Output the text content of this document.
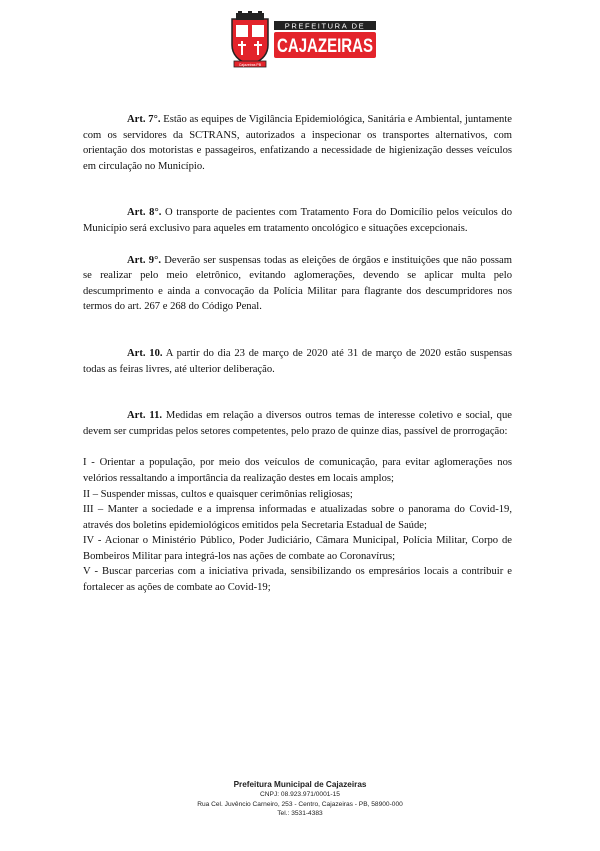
Cajazeiras PB
PREFEITURA DE
CAJAZEIRAS

Art. 7°. Estão as equipes de Vigilância Epidemiológica, Sanitária e Ambiental, juntamente com os servidores da SCTRANS, autorizados a inspecionar os transportes alternativos, com orientação dos motoristas e passageiros, enfatizando a necessidade de higienização desses veículos em circulação no Município.

Art. 8°. O transporte de pacientes com Tratamento Fora do Domicílio pelos veículos do Município será exclusivo para aqueles em tratamento oncológico e situações excepcionais.

Art. 9°. Deverão ser suspensas todas as eleições de órgãos e instituições que não possam se realizar pelo meio eletrônico, evitando aglomerações, devendo se aplicar multa pelo descumprimento e ainda a convocação da Polícia Militar para flagrante dos descumpridores nos termos do art. 267 e 268 do Código Penal.

Art. 10. A partir do dia 23 de março de 2020 até 31 de março de 2020 estão suspensas todas as feiras livres, até ulterior deliberação.

Art. 11. Medidas em relação a diversos outros temas de interesse coletivo e social, que devem ser cumpridas pelos setores competentes, pelo prazo de quinze dias, passível de prorrogação:

I - Orientar a população, por meio dos veículos de comunicação, para evitar aglomerações nos velórios ressaltando a importância da realização destes em locais amplos;

II – Suspender missas, cultos e quaisquer cerimônias religiosas;

III – Manter a sociedade e a imprensa informadas e atualizadas sobre o panorama do Covid-19, através dos boletins epidemiológicos emitidos pela Secretaria Estadual de Saúde;

IV - Acionar o Ministério Público, Poder Judiciário, Câmara Municipal, Polícia Militar, Corpo de Bombeiros Militar para integrá-los nas ações de combate ao Coronavírus;

V - Buscar parcerias com a iniciativa privada, sensibilizando os empresários locais a contribuir e fortalecer as ações de combate ao Covid-19;

Prefeitura Municipal de Cajazeiras
CNPJ: 08.923.971/0001-15
Rua Cel. Juvêncio Carneiro, 253 - Centro, Cajazeiras - PB, 58900-000
Tel.: 3531-4383
